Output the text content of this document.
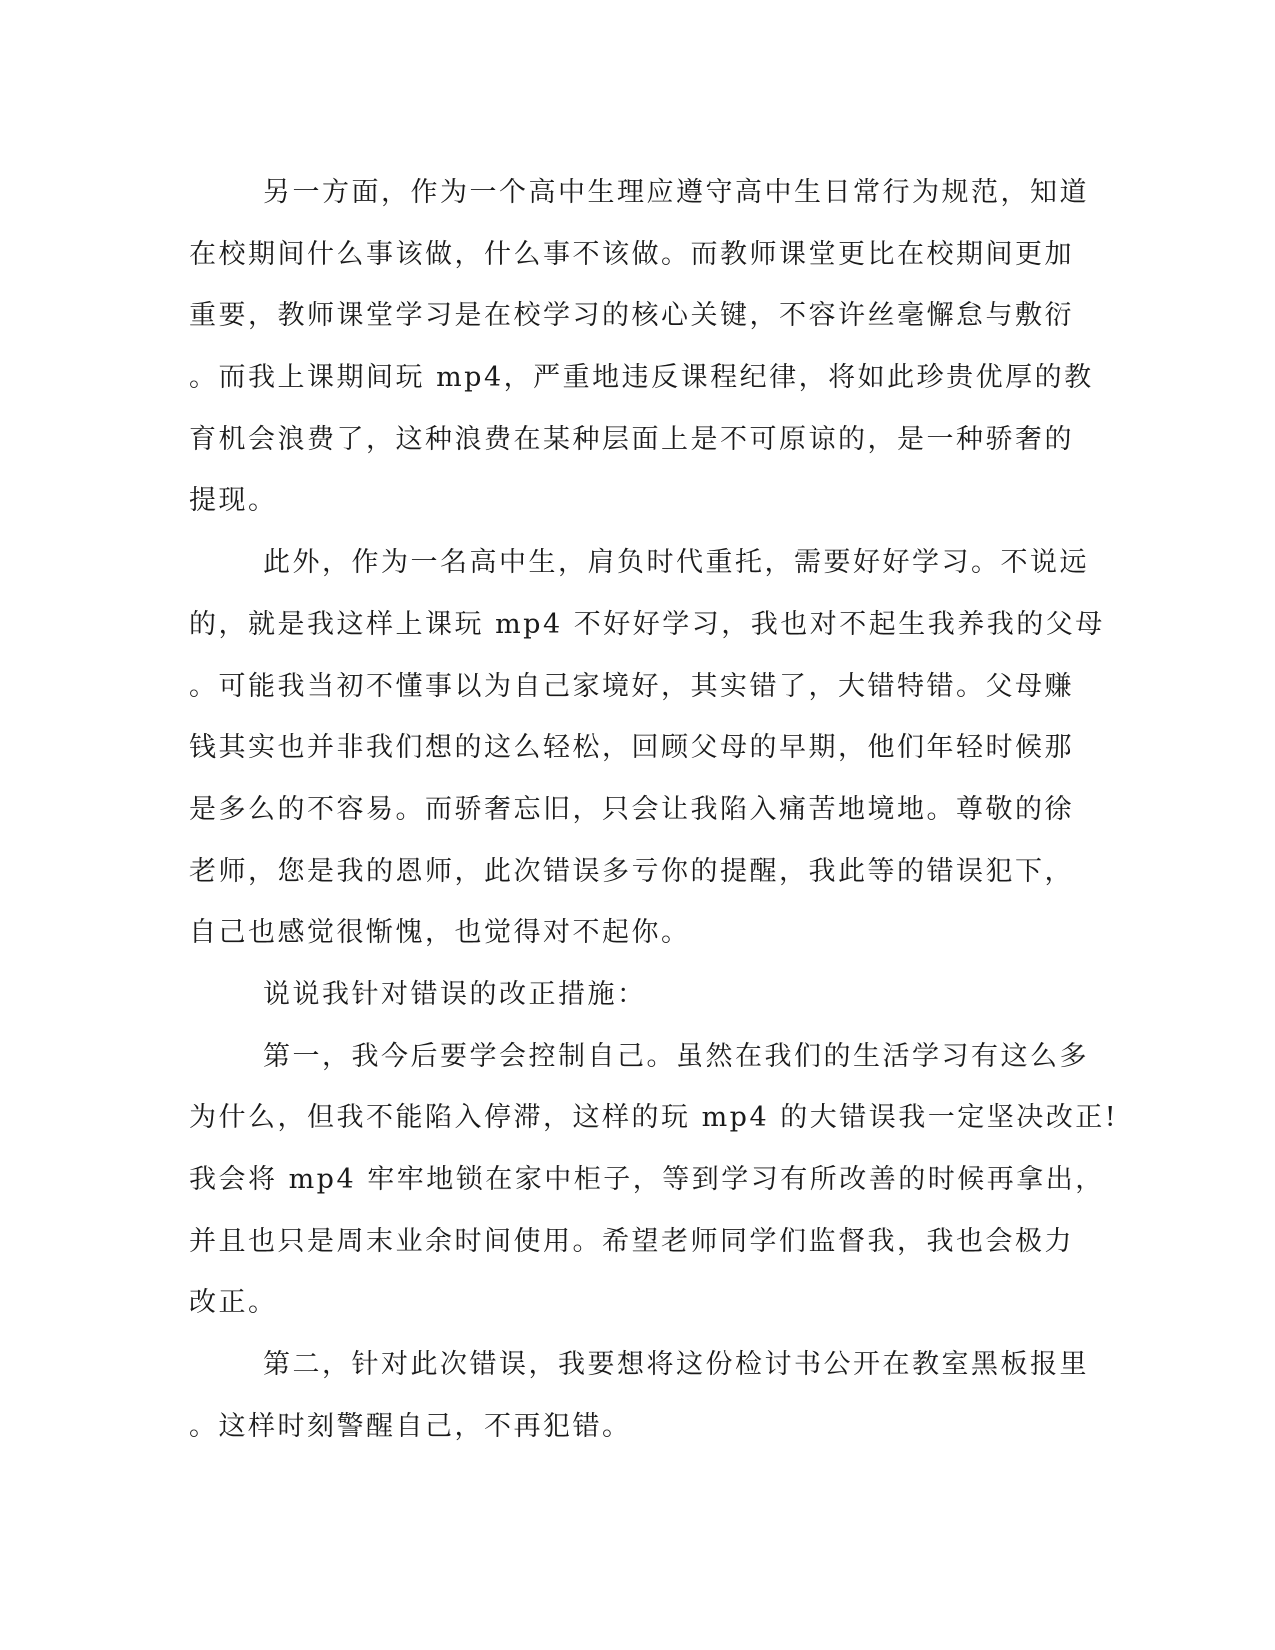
另一方面，作为一个高中生理应遵守高中生日常行为规范，知道
在校期间什么事该做，什么事不该做。而教师课堂更比在校期间更加
重要，教师课堂学习是在校学习的核心关键，不容许丝毫懈怠与敷衍
。而我上课期间玩 mp4，严重地违反课程纪律，将如此珍贵优厚的教
育机会浪费了，这种浪费在某种层面上是不可原谅的，是一种骄奢的
提现。
此外，作为一名高中生，肩负时代重托，需要好好学习。不说远
的，就是我这样上课玩 mp4 不好好学习，我也对不起生我养我的父母
。可能我当初不懂事以为自己家境好，其实错了，大错特错。父母赚
钱其实也并非我们想的这么轻松，回顾父母的早期，他们年轻时候那
是多么的不容易。而骄奢忘旧，只会让我陷入痛苦地境地。尊敬的徐
老师，您是我的恩师，此次错误多亏你的提醒，我此等的错误犯下，
自己也感觉很惭愧，也觉得对不起你。
说说我针对错误的改正措施：
第一，我今后要学会控制自己。虽然在我们的生活学习有这么多
为什么，但我不能陷入停滞，这样的玩 mp4 的大错误我一定坚决改正!
我会将 mp4 牢牢地锁在家中柜子，等到学习有所改善的时候再拿出，
并且也只是周末业余时间使用。希望老师同学们监督我，我也会极力
改正。
第二，针对此次错误，我要想将这份检讨书公开在教室黑板报里
。这样时刻警醒自己，不再犯错。
